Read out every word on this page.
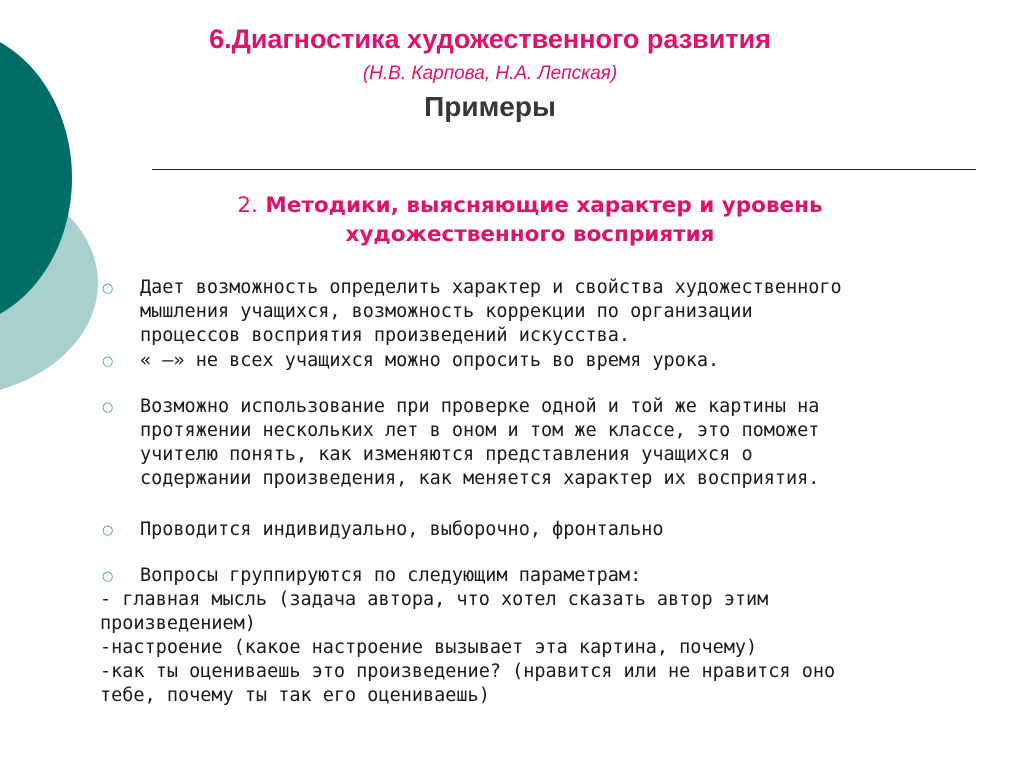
6.Диагностика художественного развития

(Н.В. Карпова, Н.А. Лепская)

Примеры
2. Методики, выясняющие характер и уровень
художественного восприятия
○ Дает возможность определить характер и свойства художественного
мышления учащихся, возможность коррекции по организации
процессов восприятия произведений искусства.
○ « –» не всех учащихся можно опросить во время урока.
○ Возможно использование при проверке одной и той же картины на
протяжении нескольких лет в оном и том же классе, это поможет
учителю понять, как изменяются представления учащихся о
содержании произведения, как меняется характер их восприятия.
○ Проводится индивидуально, выборочно, фронтально
○ Вопросы группируются по следующим параметрам:
- главная мысль (задача автора, что хотел сказать автор этим
произведением)
-настроение (какое настроение вызывает эта картина, почему)
-как ты оцениваешь это произведение? (нравится или не нравится оно
тебе, почему ты так его оцениваешь)
